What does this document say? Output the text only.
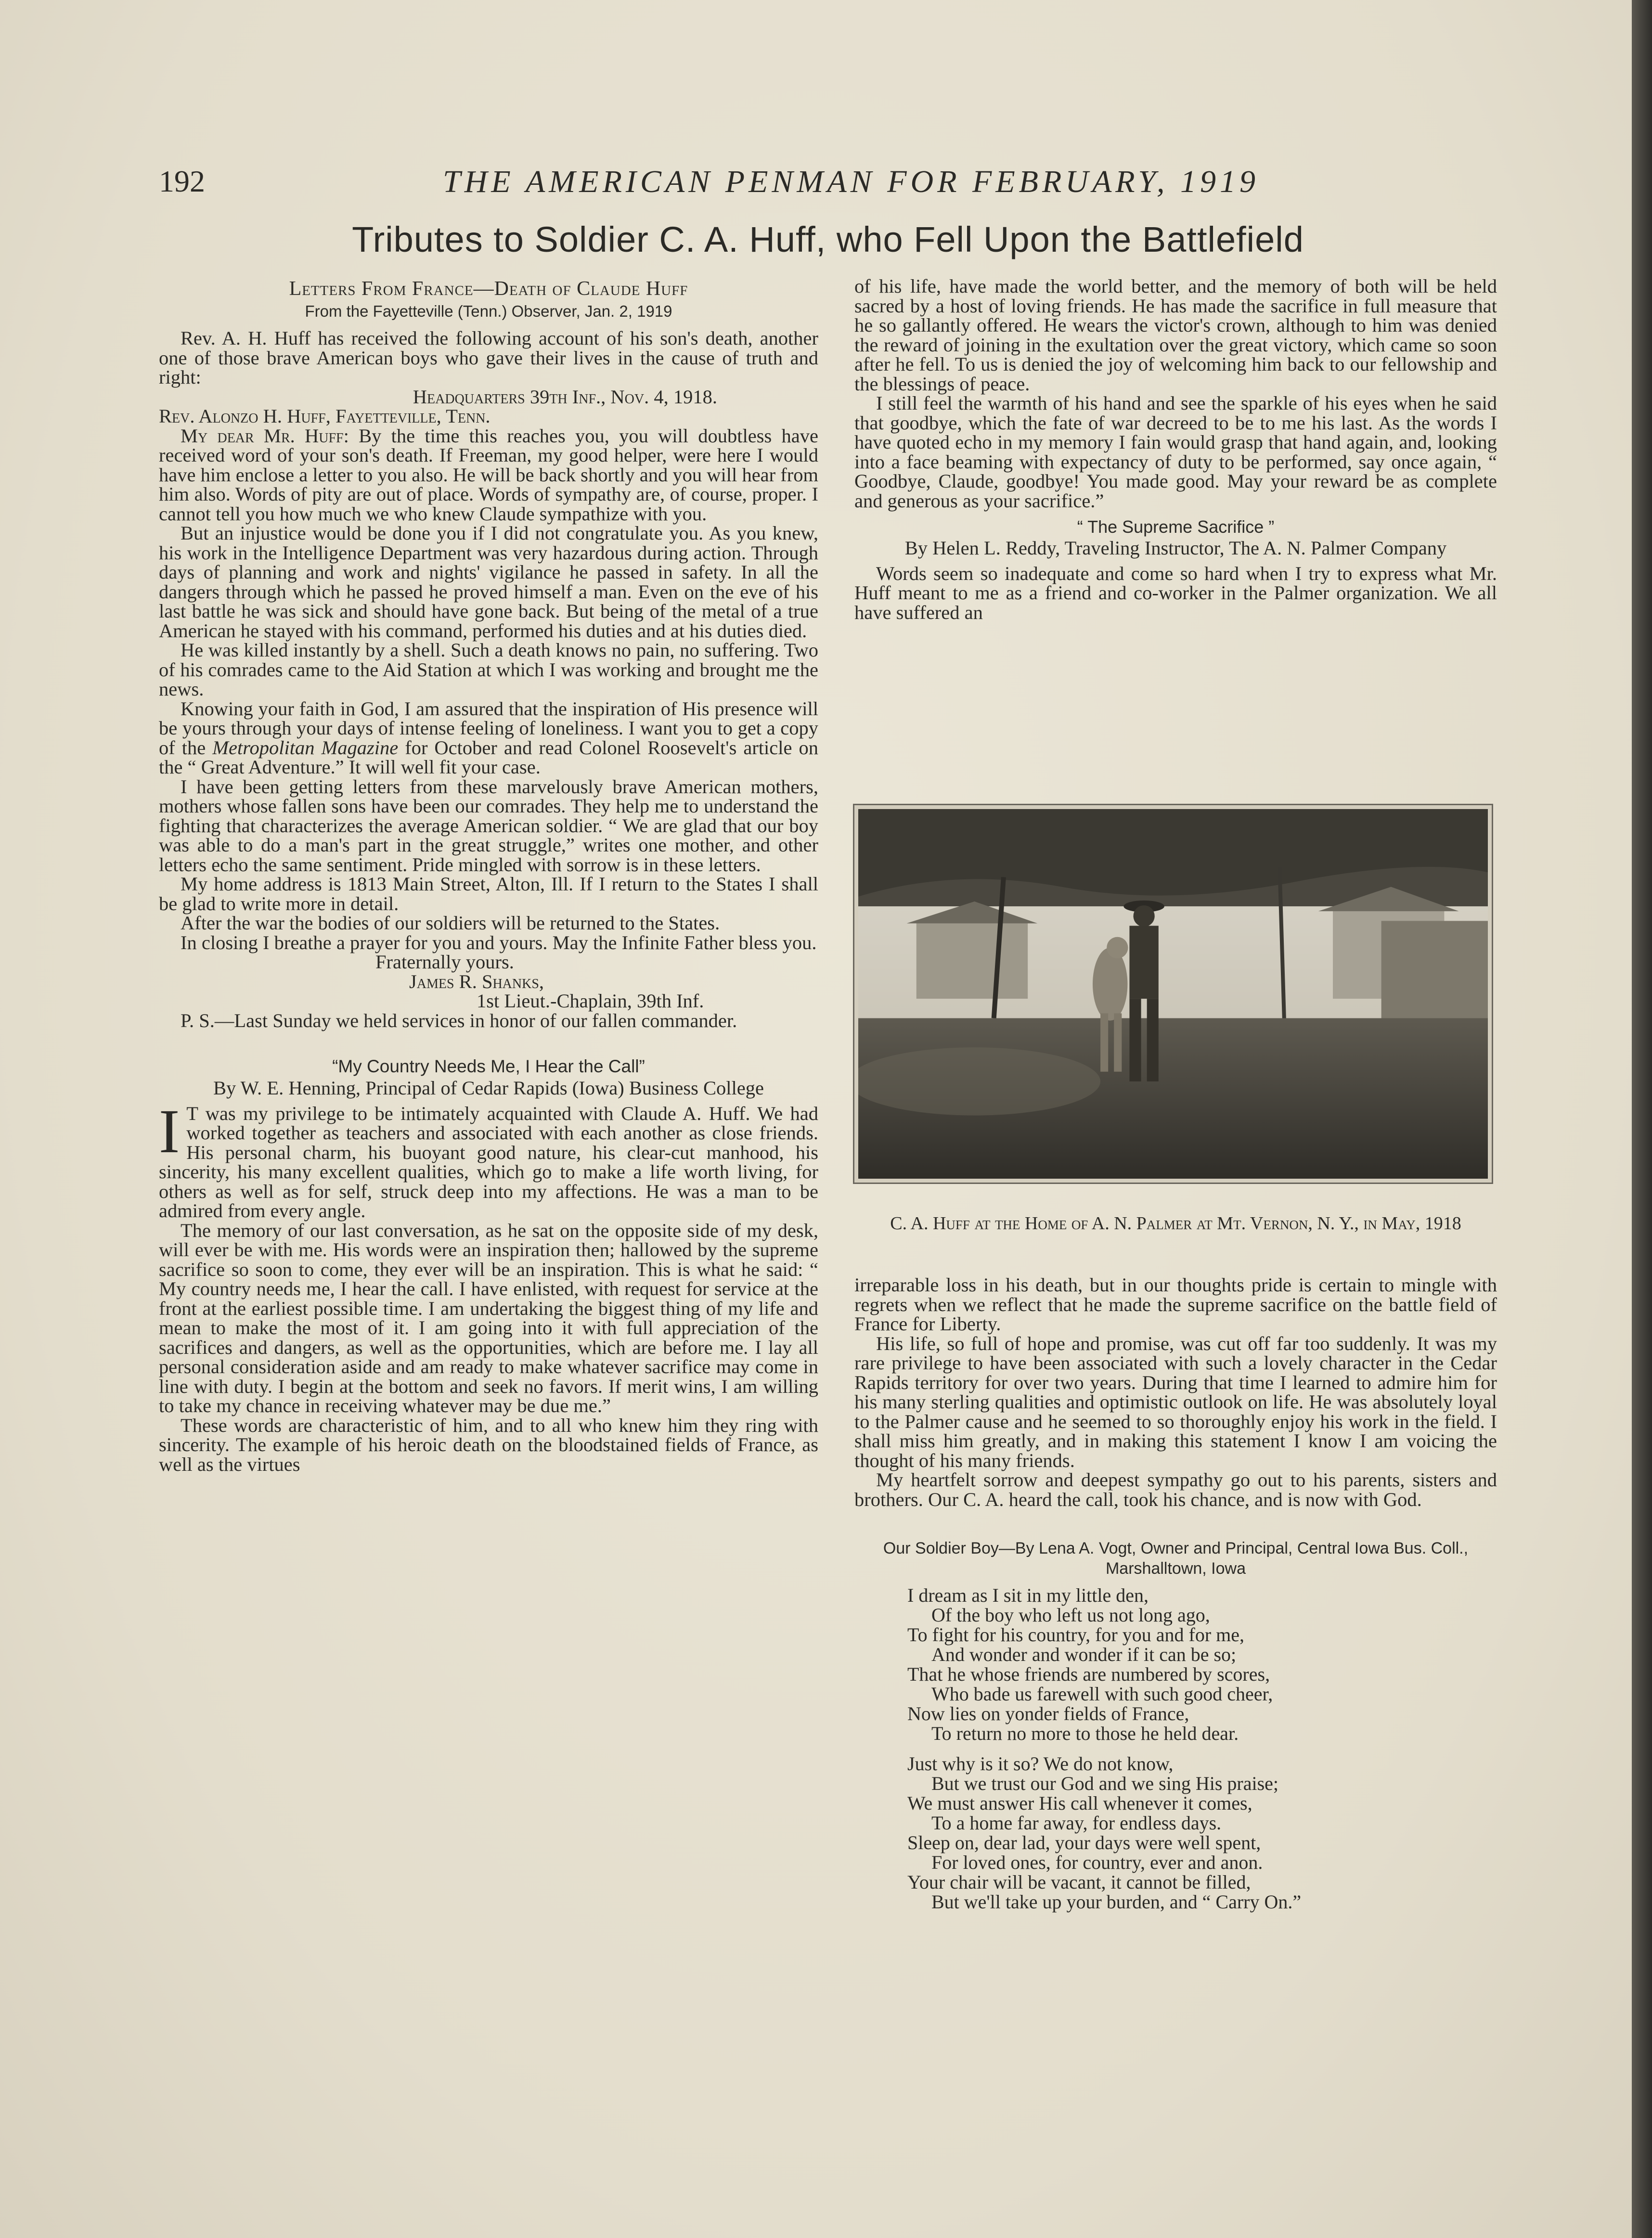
192	THE AMERICAN PENMAN FOR FEBRUARY, 1919
Tributes to Soldier C. A. Huff, who Fell Upon the Battlefield

Letters From France—Death of Claude Huff

From the Fayetteville (Tenn.) Observer, Jan. 2, 1919

Rev. A. H. Huff has received the following account of his son's death, another one of those brave American boys who gave their lives in the cause of truth and right:

Headquarters 39th Inf., Nov. 4, 1918.

Rev. Alonzo H. Huff, Fayetteville, Tenn.

My dear Mr. Huff: By the time this reaches you, you will doubtless have received word of your son's death. If Freeman, my good helper, were here I would have him enclose a letter to you also. He will be back shortly and you will hear from him also. Words of pity are out of place. Words of sympathy are, of course, proper. I cannot tell you how much we who knew Claude sympathize with you.

But an injustice would be done you if I did not congratulate you. As you knew, his work in the Intelligence Department was very hazardous during action. Through days of planning and work and nights' vigilance he passed in safety. In all the dangers through which he passed he proved himself a man. Even on the eve of his last battle he was sick and should have gone back. But being of the metal of a true American he stayed with his command, performed his duties and at his duties died.

He was killed instantly by a shell. Such a death knows no pain, no suffering. Two of his comrades came to the Aid Station at which I was working and brought me the news.

Knowing your faith in God, I am assured that the inspiration of His presence will be yours through your days of intense feeling of loneliness. I want you to get a copy of the Metropolitan Magazine for October and read Colonel Roosevelt's article on the “ Great Adventure.” It will well fit your case.

I have been getting letters from these marvelously brave American mothers, mothers whose fallen sons have been our comrades. They help me to understand the fighting that characterizes the average American soldier. “ We are glad that our boy was able to do a man's part in the great struggle,” writes one mother, and other letters echo the same sentiment. Pride mingled with sorrow is in these letters.

My home address is 1813 Main Street, Alton, Ill. If I return to the States I shall be glad to write more in detail.

After the war the bodies of our soldiers will be returned to the States.

In closing I breathe a prayer for you and yours. May the Infinite Father bless you.

Fraternally yours.

James R. Shanks,

1st Lieut.-Chaplain, 39th Inf.

P. S.—Last Sunday we held services in honor of our fallen commander.

“My Country Needs Me, I Hear the Call”

By W. E. Henning, Principal of Cedar Rapids (Iowa) Business College

I T was my privilege to be intimately acquainted with Claude A. Huff. We had worked together as teachers and associated with each another as close friends. His personal charm, his buoyant good nature, his clear-cut manhood, his sincerity, his many excellent qualities, which go to make a life worth living, for others as well as for self, struck deep into my affections. He was a man to be admired from every angle.

The memory of our last conversation, as he sat on the opposite side of my desk, will ever be with me. His words were an inspiration then; hallowed by the supreme sacrifice so soon to come, they ever will be an inspiration. This is what he said: “ My country needs me, I hear the call. I have enlisted, with request for service at the front at the earliest possible time. I am undertaking the biggest thing of my life and mean to make the most of it. I am going into it with full appreciation of the sacrifices and dangers, as well as the opportunities, which are before me. I lay all personal consideration aside and am ready to make whatever sacrifice may come in line with duty. I begin at the bottom and seek no favors. If merit wins, I am willing to take my chance in receiving whatever may be due me.”

These words are characteristic of him, and to all who knew him they ring with sincerity. The example of his heroic death on the bloodstained fields of France, as well as the virtues

of his life, have made the world better, and the memory of both will be held sacred by a host of loving friends. He has made the sacrifice in full measure that he so gallantly offered. He wears the victor's crown, although to him was denied the reward of joining in the exultation over the great victory, which came so soon after he fell. To us is denied the joy of welcoming him back to our fellowship and the blessings of peace.

I still feel the warmth of his hand and see the sparkle of his eyes when he said that goodbye, which the fate of war decreed to be to me his last. As the words I have quoted echo in my memory I fain would grasp that hand again, and, looking into a face beaming with expectancy of duty to be performed, say once again, “ Goodbye, Claude, goodbye! You made good. May your reward be as complete and generous as your sacrifice.”

“ The Supreme Sacrifice ”

By Helen L. Reddy, Traveling Instructor, The A. N. Palmer Company

Words seem so inadequate and come so hard when I try to express what Mr. Huff meant to me as a friend and co-worker in the Palmer organization. We all have suffered an

C. A. Huff at the Home of A. N. Palmer at Mt. Vernon, N. Y., in May, 1918

irreparable loss in his death, but in our thoughts pride is certain to mingle with regrets when we reflect that he made the supreme sacrifice on the battle field of France for Liberty.

His life, so full of hope and promise, was cut off far too suddenly. It was my rare privilege to have been associated with such a lovely character in the Cedar Rapids territory for over two years. During that time I learned to admire him for his many sterling qualities and optimistic outlook on life. He was absolutely loyal to the Palmer cause and he seemed to so thoroughly enjoy his work in the field. I shall miss him greatly, and in making this statement I know I am voicing the thought of his many friends.

My heartfelt sorrow and deepest sympathy go out to his parents, sisters and brothers. Our C. A. heard the call, took his chance, and is now with God.

Our Soldier Boy—By Lena A. Vogt, Owner and Principal, Central Iowa Bus. Coll., Marshalltown, Iowa

I dream as I sit in my little den,

Of the boy who left us not long ago,

To fight for his country, for you and for me,

And wonder and wonder if it can be so;

That he whose friends are numbered by scores,

Who bade us farewell with such good cheer,

Now lies on yonder fields of France,

To return no more to those he held dear.

Just why is it so? We do not know,

But we trust our God and we sing His praise;

We must answer His call whenever it comes,

To a home far away, for endless days.

Sleep on, dear lad, your days were well spent,

For loved ones, for country, ever and anon.

Your chair will be vacant, it cannot be filled,

But we'll take up your burden, and “ Carry On.”
